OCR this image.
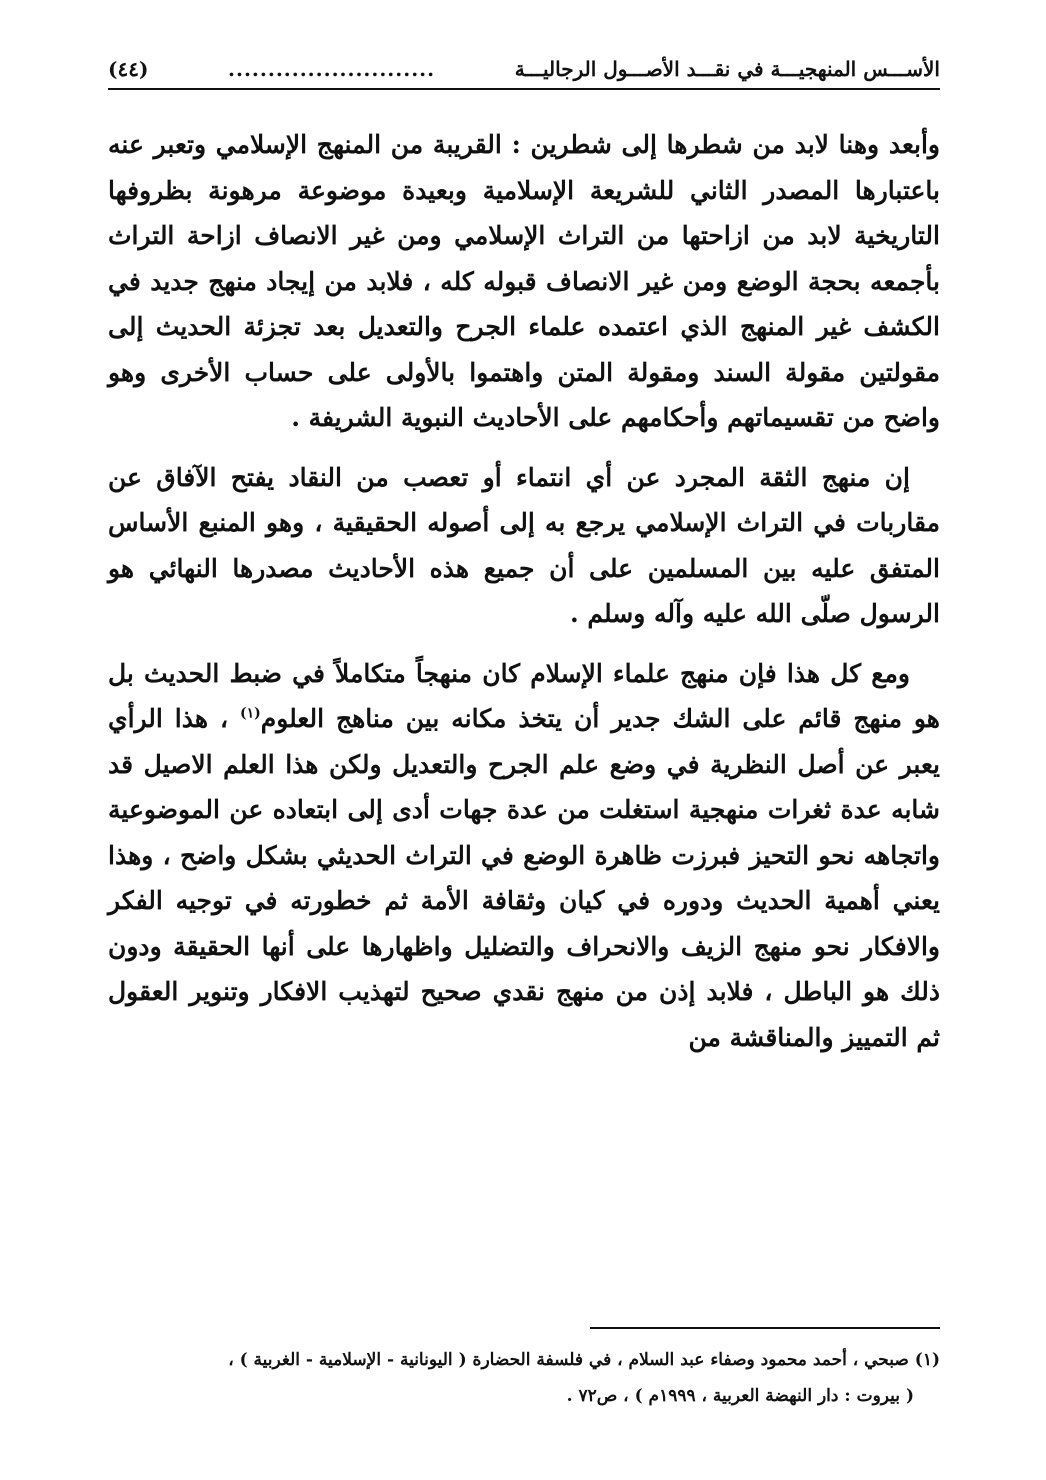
الأســـس المنهجيـــة في نقـــد الأصـــول الرجاليـــة
..........................
(٤٤)

وأبعد وهنا لابد من شطرها إلى شطرين : القريبة من المنهج الإسلامي وتعبر عنه باعتبارها المصدر الثاني للشريعة الإسلامية وبعيدة موضوعة مرهونة بظروفها التاريخية لابد من ازاحتها من التراث الإسلامي ومن غير الانصاف ازاحة التراث بأجمعه بحجة الوضع ومن غير الانصاف قبوله كله ، فلابد من إيجاد منهج جديد في الكشف غير المنهج الذي اعتمده علماء الجرح والتعديل بعد تجزئة الحديث إلى مقولتين مقولة السند ومقولة المتن واهتموا بالأولى على حساب الأخرى وهو واضح من تقسيماتهم وأحكامهم على الأحاديث النبوية الشريفة .

إن منهج الثقة المجرد عن أي انتماء أو تعصب من النقاد يفتح الآفاق عن مقاربات في التراث الإسلامي يرجع به إلى أصوله الحقيقية ، وهو المنبع الأساس المتفق عليه بين المسلمين على أن جميع هذه الأحاديث مصدرها النهائي هو الرسول صلّى الله عليه وآله وسلم .

ومع كل هذا فإن منهج علماء الإسلام كان منهجاً متكاملاً في ضبط الحديث بل هو منهج قائم على الشك جدير أن يتخذ مكانه بين مناهج العلوم$^{(١)}$ ، هذا الرأي يعبر عن أصل النظرية في وضع علم الجرح والتعديل ولكن هذا العلم الاصيل قد شابه عدة ثغرات منهجية استغلت من عدة جهات أدى إلى ابتعاده عن الموضوعية واتجاهه نحو التحيز فبرزت ظاهرة الوضع في التراث الحديثي بشكل واضح ، وهذا يعني أهمية الحديث ودوره في كيان وثقافة الأمة ثم خطورته في توجيه الفكر والافكار نحو منهج الزيف والانحراف والتضليل واظهارها على أنها الحقيقة ودون ذلك هو الباطل ، فلابد إذن من منهج نقدي صحيح لتهذيب الافكار وتنوير العقول ثم التمييز والمناقشة من

(١) صبحي ، أحمد محمود وصفاء عبد السلام ، في فلسفة الحضارة ( اليونانية - الإسلامية - الغربية ) ،
( بيروت : دار النهضة العربية ، ١٩٩٩م ) ، ص٧٢ .
